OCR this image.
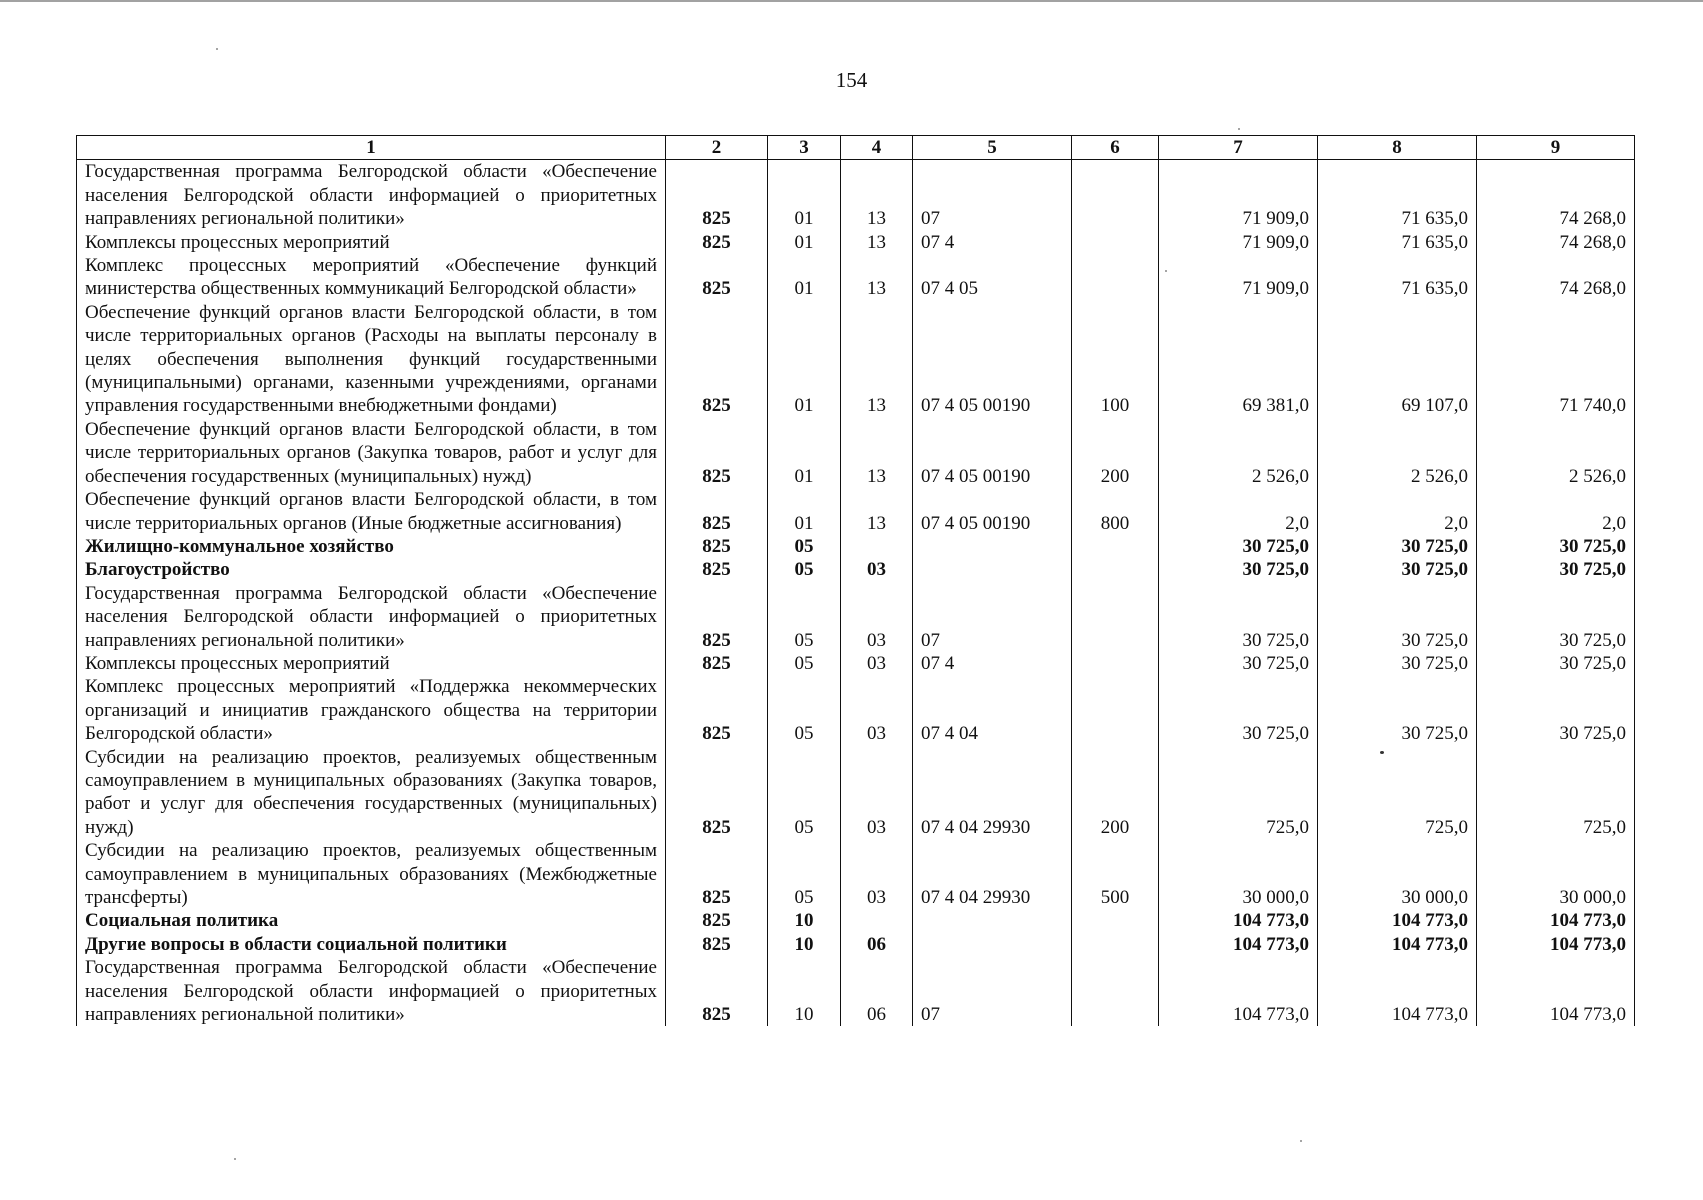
154
1	2	3	4	5	6	7	8	9
Государственная программа Белгородской области «Обеспечение населения Белгородской области информацией о приоритетных направлениях региональной политики»	825	01	13	07		71 909,0	71 635,0	74 268,0
Комплексы процессных мероприятий	825	01	13	07 4		71 909,0	71 635,0	74 268,0
Комплекс процессных мероприятий «Обеспечение функций министерства общественных коммуникаций Белгородской области»	825	01	13	07 4 05		71 909,0	71 635,0	74 268,0
Обеспечение функций органов власти Белгородской области, в том числе территориальных органов (Расходы на выплаты персоналу в целях обеспечения выполнения функций государственными (муниципальными) органами, казенными учреждениями, органами управления государственными внебюджетными фондами)	825	01	13	07 4 05 00190	100	69 381,0	69 107,0	71 740,0
Обеспечение функций органов власти Белгородской области, в том числе территориальных органов (Закупка товаров, работ и услуг для обеспечения государственных (муниципальных) нужд)	825	01	13	07 4 05 00190	200	2 526,0	2 526,0	2 526,0
Обеспечение функций органов власти Белгородской области, в том числе территориальных органов (Иные бюджетные ассигнования)	825	01	13	07 4 05 00190	800	2,0	2,0	2,0
Жилищно-коммунальное хозяйство	825	05				30 725,0	30 725,0	30 725,0
Благоустройство	825	05	03			30 725,0	30 725,0	30 725,0
Государственная программа Белгородской области «Обеспечение населения Белгородской области информацией о приоритетных направлениях региональной политики»	825	05	03	07		30 725,0	30 725,0	30 725,0
Комплексы процессных мероприятий	825	05	03	07 4		30 725,0	30 725,0	30 725,0
Комплекс процессных мероприятий «Поддержка некоммерческих организаций и инициатив гражданского общества на территории Белгородской области»	825	05	03	07 4 04		30 725,0	30 725,0	30 725,0
Субсидии на реализацию проектов, реализуемых общественным самоуправлением в муниципальных образованиях (Закупка товаров, работ и услуг для обеспечения государственных (муниципальных) нужд)	825	05	03	07 4 04 29930	200	725,0	725,0	725,0
Субсидии на реализацию проектов, реализуемых общественным самоуправлением в муниципальных образованиях (Межбюджетные трансферты)	825	05	03	07 4 04 29930	500	30 000,0	30 000,0	30 000,0
Социальная политика	825	10				104 773,0	104 773,0	104 773,0
Другие вопросы в области социальной политики	825	10	06			104 773,0	104 773,0	104 773,0
Государственная программа Белгородской области «Обеспечение населения Белгородской области информацией о приоритетных направлениях региональной политики»	825	10	06	07		104 773,0	104 773,0	104 773,0
